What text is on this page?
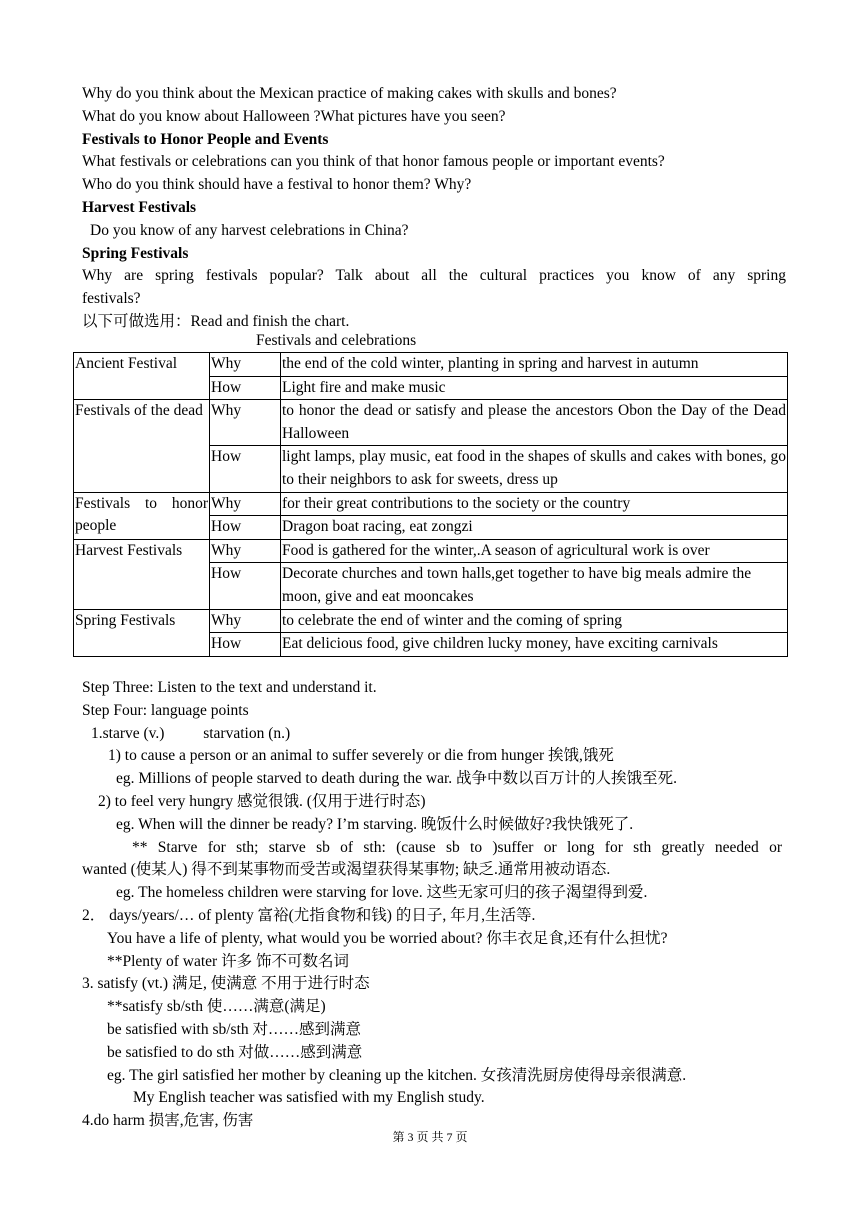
Why do you think about the Mexican practice of making cakes with skulls and bones?
What do you know about Halloween ?What pictures have you seen?
Festivals to Honor People and Events
What festivals or celebrations can you think of that honor famous people or important events?
Who do you think should have a festival to honor them? Why?
Harvest Festivals
Do you know of any harvest celebrations in China?
Spring Festivals
Why are spring festivals popular? Talk about all the cultural practices you know of any spring
festivals?
以下可做选用：Read and finish the chart.
Festivals and celebrations
Ancient Festival	Why	the end of the cold winter, planting in spring and harvest in autumn
	How	Light fire and make music
Festivals of the dead	Why	to honor the dead or satisfy and please the ancestors Obon the Day of the Dead Halloween
	How	light lamps, play music, eat food in the shapes of skulls and cakes with bones, go to their neighbors to ask for sweets, dress up
Festivals to honor people	Why	for their great contributions to the society or the country
	How	Dragon boat racing, eat zongzi
Harvest Festivals	Why	Food is gathered for the winter,.A season of agricultural work is over
	How	Decorate churches and town halls,get together to have big meals admire the moon, give and eat mooncakes
Spring Festivals	Why	to celebrate the end of winter and the coming of spring
	How	Eat delicious food, give children lucky money, have exciting carnivals
Step Three: Listen to the text and understand it.
Step Four: language points
1.starve (v.)          starvation (n.)
1) to cause a person or an animal to suffer severely or die from hunger 挨饿,饿死
eg. Millions of people starved to death during the war. 战争中数以百万计的人挨饿至死.
2) to feel very hungry 感觉很饿. (仅用于进行时态)
eg. When will the dinner be ready? I’m starving. 晚饭什么时候做好?我快饿死了.
** Starve for sth; starve sb of sth: (cause sb to )suffer or long for sth greatly needed or
wanted (使某人) 得不到某事物而受苦或渴望获得某事物; 缺乏.通常用被动语态.
eg. The homeless children were starving for love. 这些无家可归的孩子渴望得到爱.
2． days/years/… of plenty 富裕(尤指食物和钱) 的日子, 年月,生活等.
You have a life of plenty, what would you be worried about? 你丰衣足食,还有什么担忧?
**Plenty of water 许多 饰不可数名词
3. satisfy (vt.) 满足, 使满意 不用于进行时态
**satisfy sb/sth 使……满意(满足)
be satisfied with sb/sth 对……感到满意
be satisfied to do sth 对做……感到满意
eg. The girl satisfied her mother by cleaning up the kitchen. 女孩清洗厨房使得母亲很满意.
My English teacher was satisfied with my English study.
4.do harm 损害,危害, 伤害
第 3 页 共 7 页
